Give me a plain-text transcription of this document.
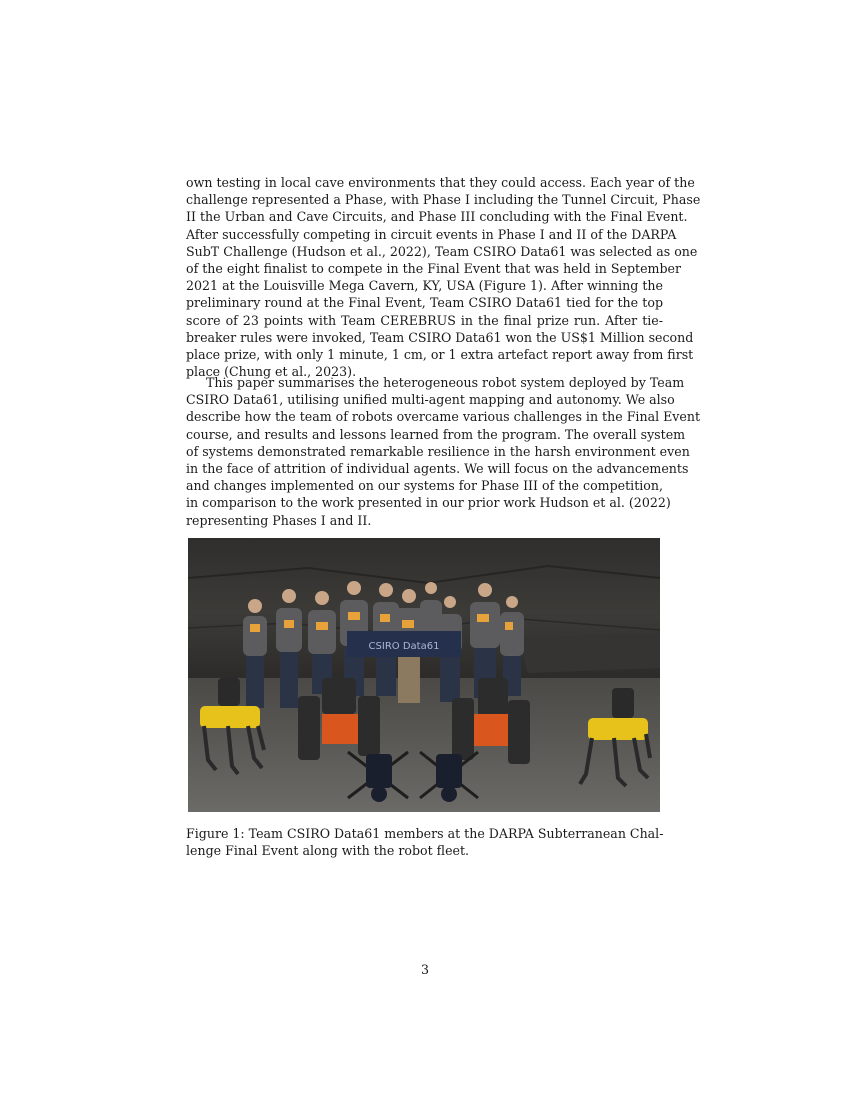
own testing in local cave environments that they could access. Each year of the
challenge represented a Phase, with Phase I including the Tunnel Circuit, Phase
II the Urban and Cave Circuits, and Phase III concluding with the Final Event.
After successfully competing in circuit events in Phase I and II of the DARPA
SubT Challenge (Hudson et al., 2022), Team CSIRO Data61 was selected as one
of the eight finalist to compete in the Final Event that was held in September
2021 at the Louisville Mega Cavern, KY, USA (Figure 1). After winning the
preliminary round at the Final Event, Team CSIRO Data61 tied for the top
score of 23 points with Team CEREBRUS in the final prize run. After tie-
breaker rules were invoked, Team CSIRO Data61 won the US$1 Million second
place prize, with only 1 minute, 1 cm, or 1 extra artefact report away from first
place (Chung et al., 2023).
This paper summarises the heterogeneous robot system deployed by Team
CSIRO Data61, utilising unified multi-agent mapping and autonomy. We also
describe how the team of robots overcame various challenges in the Final Event
course, and results and lessons learned from the program. The overall system
of systems demonstrated remarkable resilience in the harsh environment even
in the face of attrition of individual agents. We will focus on the advancements
and changes implemented on our systems for Phase III of the competition,
in comparison to the work presented in our prior work Hudson et al. (2022)
representing Phases I and II.
CSIRO Data61
Figure 1: Team CSIRO Data61 members at the DARPA Subterranean Chal-
lenge Final Event along with the robot fleet.
3
